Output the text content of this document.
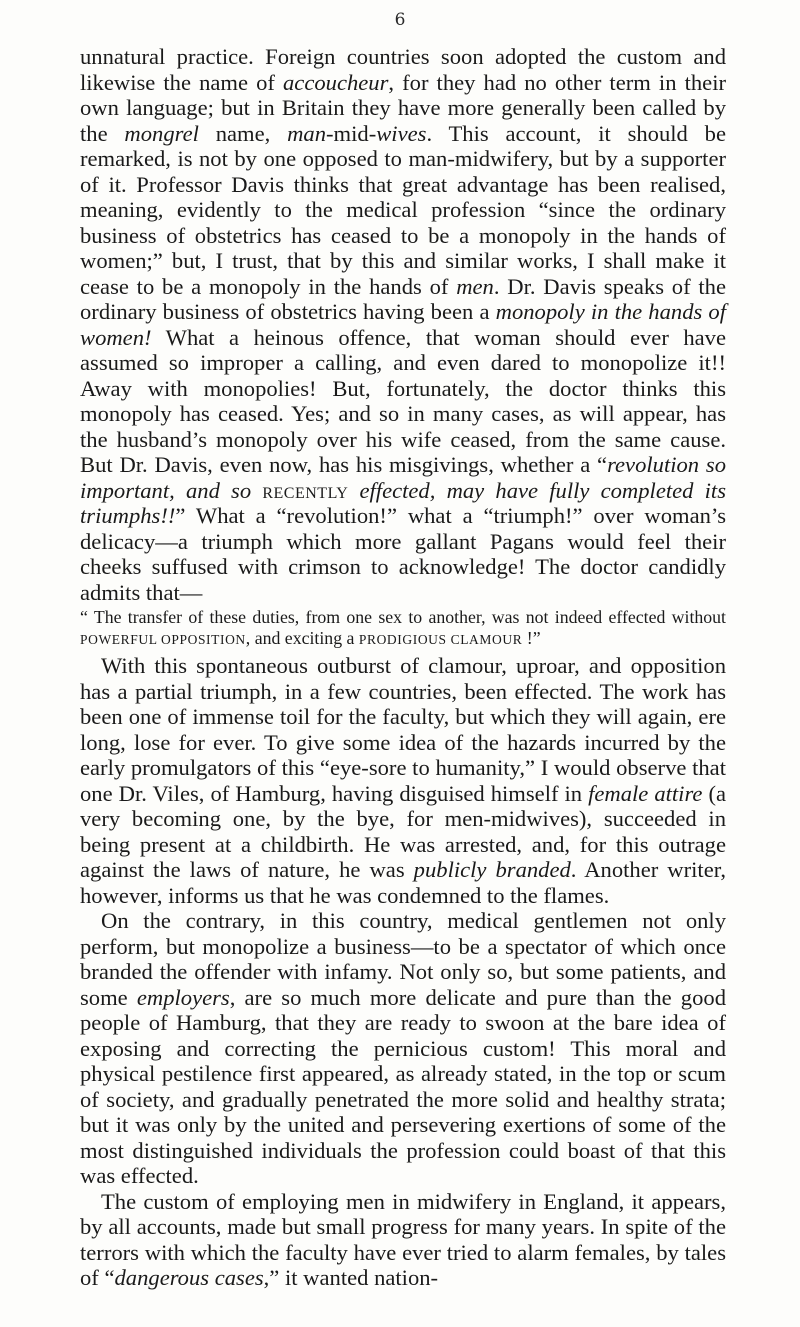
6

unnatural practice. Foreign countries soon adopted the custom and likewise the name of accoucheur, for they had no other term in their own language; but in Britain they have more generally been called by the mongrel name, man-mid-wives. This account, it should be remarked, is not by one opposed to man-midwifery, but by a supporter of it. Professor Davis thinks that great advantage has been realised, meaning, evidently to the medical profession “since the ordinary business of obstetrics has ceased to be a monopoly in the hands of women;” but, I trust, that by this and similar works, I shall make it cease to be a monopoly in the hands of men. Dr. Davis speaks of the ordinary business of obstetrics having been a monopoly in the hands of women! What a heinous offence, that woman should ever have assumed so improper a calling, and even dared to monopolize it!! Away with monopolies! But, fortunately, the doctor thinks this monopoly has ceased. Yes; and so in many cases, as will appear, has the husband’s monopoly over his wife ceased, from the same cause. But Dr. Davis, even now, has his misgivings, whether a “revolution so important, and so recently effected, may have fully completed its triumphs!!” What a “revolution!” what a “triumph!” over woman’s delicacy—a triumph which more gallant Pagans would feel their cheeks suffused with crimson to acknowledge! The doctor candidly admits that—

“ The transfer of these duties, from one sex to another, was not indeed effected without POWERFUL OPPOSITION, and exciting a PRODIGIOUS CLAMOUR !”

With this spontaneous outburst of clamour, uproar, and opposition has a partial triumph, in a few countries, been effected. The work has been one of immense toil for the faculty, but which they will again, ere long, lose for ever. To give some idea of the hazards incurred by the early promulgators of this “eye-sore to humanity,” I would observe that one Dr. Viles, of Hamburg, having disguised himself in female attire (a very becoming one, by the bye, for men-midwives), succeeded in being present at a childbirth. He was arrested, and, for this outrage against the laws of nature, he was publicly branded. Another writer, however, informs us that he was condemned to the flames.

On the contrary, in this country, medical gentlemen not only perform, but monopolize a business—to be a spectator of which once branded the offender with infamy. Not only so, but some patients, and some employers, are so much more delicate and pure than the good people of Hamburg, that they are ready to swoon at the bare idea of exposing and correcting the pernicious custom! This moral and physical pestilence first appeared, as already stated, in the top or scum of society, and gradually penetrated the more solid and healthy strata; but it was only by the united and persevering exertions of some of the most distinguished individuals the profession could boast of that this was effected.

The custom of employing men in midwifery in England, it appears, by all accounts, made but small progress for many years. In spite of the terrors with which the faculty have ever tried to alarm females, by tales of “dangerous cases,” it wanted nation-
